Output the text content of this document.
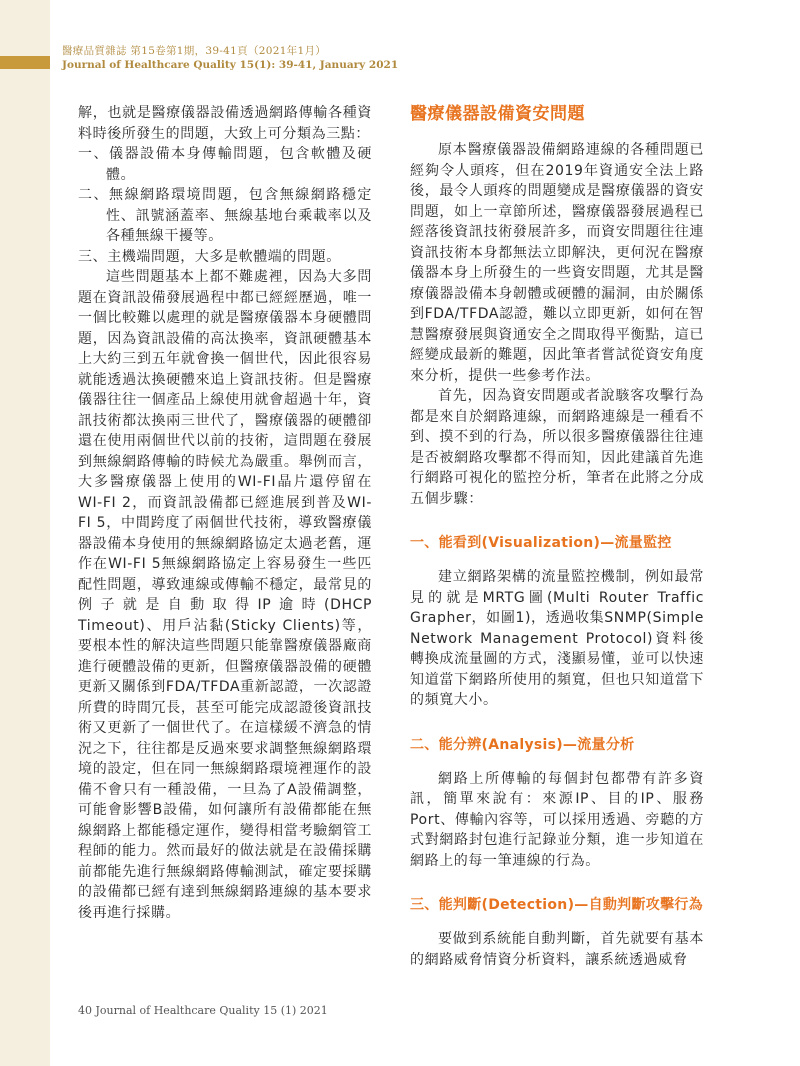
醫療品質雜誌 第15卷第1期，39-41頁（2021年1月）
Journal of Healthcare Quality 15(1): 39-41, January 2021

解，也就是醫療儀器設備透過網路傳輸各種資料時後所發生的問題，大致上可分類為三點：

一、儀器設備本身傳輸問題，包含軟體及硬體。

二、無線網路環境問題，包含無線網路穩定性、訊號涵蓋率、無線基地台乘載率以及各種無線干擾等。

三、主機端問題，大多是軟體端的問題。

這些問題基本上都不難處裡，因為大多問題在資訊設備發展過程中都已經經歷過，唯一一個比較難以處理的就是醫療儀器本身硬體問題，因為資訊設備的高汰換率，資訊硬體基本上大約三到五年就會換一個世代，因此很容易就能透過汰換硬體來追上資訊技術。但是醫療儀器往往一個產品上線使用就會超過十年，資訊技術都汰換兩三世代了，醫療儀器的硬體卻還在使用兩個世代以前的技術，這問題在發展到無線網路傳輸的時候尤為嚴重。舉例而言，大多醫療儀器上使用的WI-FI晶片還停留在WI-FI 2，而資訊設備都已經進展到普及WI-FI 5，中間跨度了兩個世代技術，導致醫療儀器設備本身使用的無線網路協定太過老舊，運作在WI-FI 5無線網路協定上容易發生一些匹配性問題，導致連線或傳輸不穩定，最常見的例子就是自動取得IP逾時(DHCP Timeout)、用戶沾黏(Sticky Clients)等，要根本性的解決這些問題只能靠醫療儀器廠商進行硬體設備的更新，但醫療儀器設備的硬體更新又關係到FDA/TFDA重新認證，一次認證所費的時間冗長，甚至可能完成認證後資訊技術又更新了一個世代了。在這樣緩不濟急的情況之下，往往都是反過來要求調整無線網路環境的設定，但在同一無線網路環境裡運作的設備不會只有一種設備，一旦為了A設備調整，可能會影響B設備，如何讓所有設備都能在無線網路上都能穩定運作，變得相當考驗網管工程師的能力。然而最好的做法就是在設備採購前都能先進行無線網路傳輸測試，確定要採購的設備都已經有達到無線網路連線的基本要求後再進行採購。

醫療儀器設備資安問題

原本醫療儀器設備網路連線的各種問題已經夠令人頭疼，但在2019年資通安全法上路後，最令人頭疼的問題變成是醫療儀器的資安問題，如上一章節所述，醫療儀器發展過程已經落後資訊技術發展許多，而資安問題往往連資訊技術本身都無法立即解決，更何況在醫療儀器本身上所發生的一些資安問題，尤其是醫療儀器設備本身韌體或硬體的漏洞，由於關係到FDA/TFDA認證，難以立即更新，如何在智慧醫療發展與資通安全之間取得平衡點，這已經變成最新的難題，因此筆者嘗試從資安角度來分析，提供一些參考作法。

首先，因為資安問題或者說駭客攻擊行為都是來自於網路連線，而網路連線是一種看不到、摸不到的行為，所以很多醫療儀器往往連是否被網路攻擊都不得而知，因此建議首先進行網路可視化的監控分析，筆者在此將之分成五個步驟：

一、能看到(Visualization)—流量監控

建立網路架構的流量監控機制，例如最常見的就是MRTG圖(Multi Router Traffic Grapher，如圖1)，透過收集SNMP(Simple Network Management Protocol)資料後轉換成流量圖的方式，淺顯易懂，並可以快速知道當下網路所使用的頻寬，但也只知道當下的頻寬大小。

二、能分辨(Analysis)—流量分析

網路上所傳輸的每個封包都帶有許多資訊，簡單來說有：來源IP、目的IP、服務Port、傳輸內容等，可以採用透過、旁聽的方式對網路封包進行記錄並分類，進一步知道在網路上的每一筆連線的行為。

三、能判斷(Detection)—自動判斷攻擊行為

要做到系統能自動判斷，首先就要有基本的網路威脅情資分析資料，讓系統透過威脅

40 Journal of Healthcare Quality 15 (1) 2021
